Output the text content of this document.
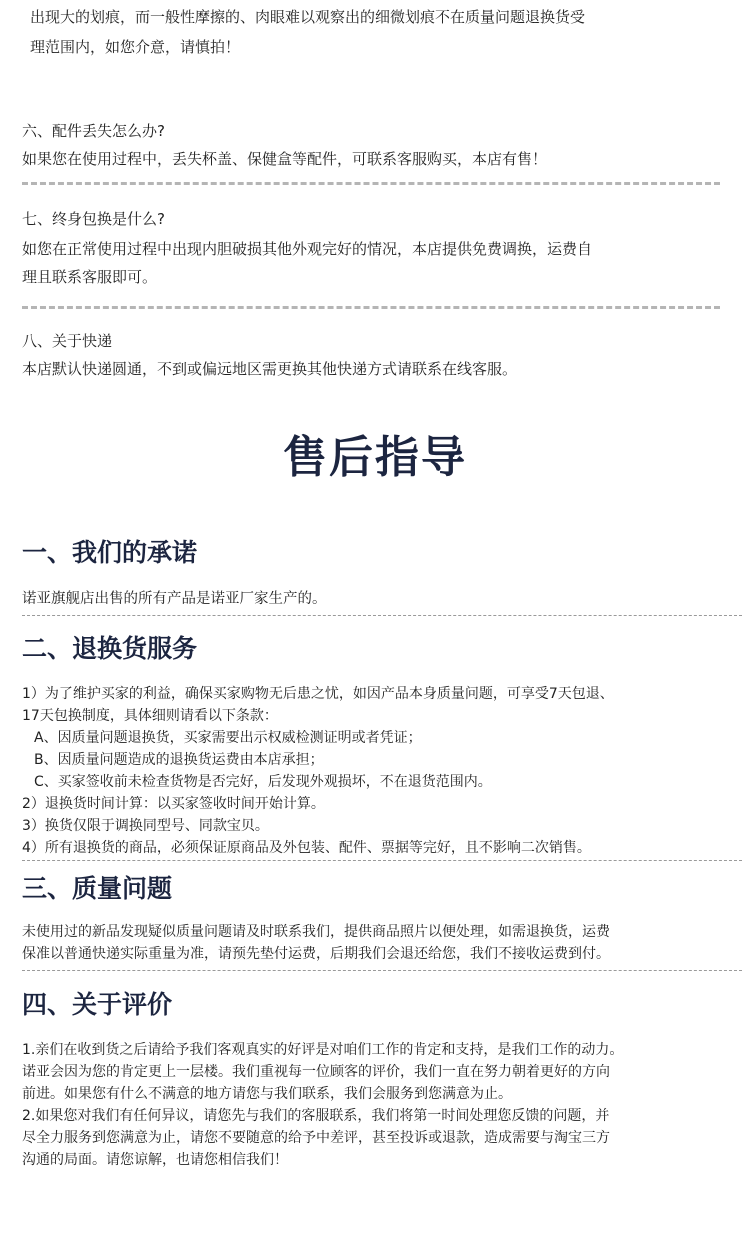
出现大的划痕，而一般性摩擦的、肉眼难以观察出的细微划痕不在质量问题退换货受
理范围内，如您介意，请慎拍！
六、配件丢失怎么办?
如果您在使用过程中，丢失杯盖、保健盒等配件，可联系客服购买，本店有售！
七、终身包换是什么?
如您在正常使用过程中出现内胆破损其他外观完好的情况，本店提供免费调换，运费自
理且联系客服即可。
八、关于快递
本店默认快递圆通，不到或偏远地区需更换其他快递方式请联系在线客服。
售后指导
一、我们的承诺
诺亚旗舰店出售的所有产品是诺亚厂家生产的。
二、退换货服务
1）为了维护买家的利益，确保买家购物无后患之忧，如因产品本身质量问题，可享受7天包退、
17天包换制度，具体细则请看以下条款：
A、因质量问题退换货，买家需要出示权威检测证明或者凭证；
B、因质量问题造成的退换货运费由本店承担；
C、买家签收前未检查货物是否完好，后发现外观损坏，不在退货范围内。
2）退换货时间计算：以买家签收时间开始计算。
3）换货仅限于调换同型号、同款宝贝。
4）所有退换货的商品，必须保证原商品及外包装、配件、票据等完好，且不影响二次销售。
三、质量问题
未使用过的新品发现疑似质量问题请及时联系我们，提供商品照片以便处理，如需退换货，运费
保准以普通快递实际重量为准，请预先垫付运费，后期我们会退还给您，我们不接收运费到付。
四、关于评价
1.亲们在收到货之后请给予我们客观真实的好评是对咱们工作的肯定和支持，是我们工作的动力。
诺亚会因为您的肯定更上一层楼。我们重视每一位顾客的评价，我们一直在努力朝着更好的方向
前进。如果您有什么不满意的地方请您与我们联系，我们会服务到您满意为止。
2.如果您对我们有任何异议，请您先与我们的客服联系，我们将第一时间处理您反馈的问题，并
尽全力服务到您满意为止，请您不要随意的给予中差评，甚至投诉或退款，造成需要与淘宝三方
沟通的局面。请您谅解，也请您相信我们！
